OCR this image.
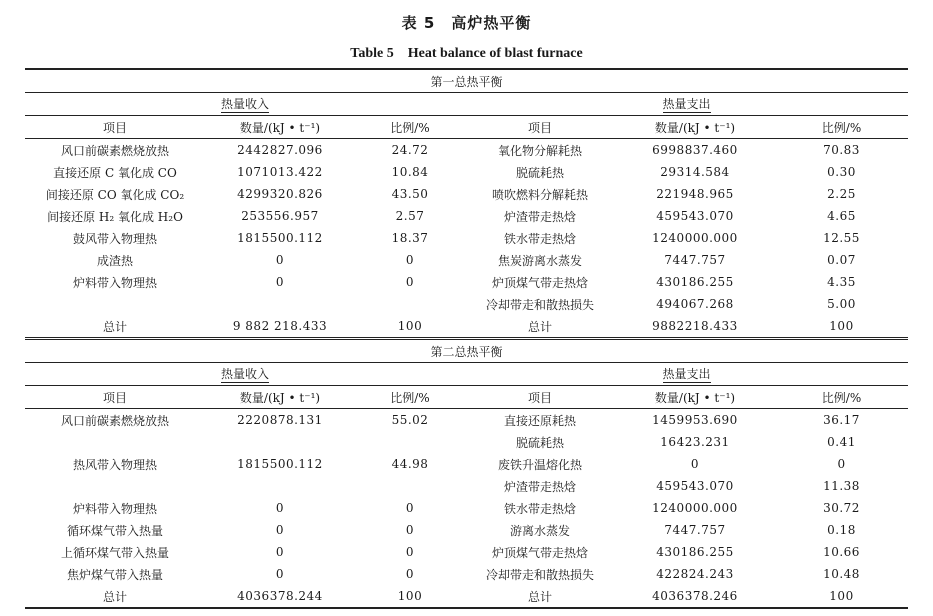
表 5　高炉热平衡
Table 5　Heat balance of blast furnace
第一总热平衡					
热量收入			热量支出		
项目	数量/(kJ • t⁻¹)	比例/%	项目	数量/(kJ • t⁻¹)	比例/%
风口前碳素燃烧放热	2442827.096	24.72	氧化物分解耗热	6998837.460	70.83
直接还原 C 氧化成 CO	1071013.422	10.84	脱硫耗热	29314.584	0.30
间接还原 CO 氧化成 CO₂	4299320.826	43.50	喷吹燃料分解耗热	221948.965	2.25
间接还原 H₂ 氧化成 H₂O	253556.957	2.57	炉渣带走热焓	459543.070	4.65
鼓风带入物理热	1815500.112	18.37	铁水带走热焓	1240000.000	12.55
成渣热	0	0	焦炭游离水蒸发	7447.757	0.07
炉料带入物理热	0	0	炉顶煤气带走热焓	430186.255	4.35
			冷却带走和散热损失	494067.268	5.00
总计	9 882 218.433	100	总计	9882218.433	100
第二总热平衡					
热量收入			热量支出		
项目	数量/(kJ • t⁻¹)	比例/%	项目	数量/(kJ • t⁻¹)	比例/%
风口前碳素燃烧放热	2220878.131	55.02	直接还原耗热	1459953.690	36.17
			脱硫耗热	16423.231	0.41
热风带入物理热	1815500.112	44.98	废铁升温熔化热	0	0
			炉渣带走热焓	459543.070	11.38
炉料带入物理热	0	0	铁水带走热焓	1240000.000	30.72
循环煤气带入热量	0	0	游离水蒸发	7447.757	0.18
上循环煤气带入热量	0	0	炉顶煤气带走热焓	430186.255	10.66
焦炉煤气带入热量	0	0	冷却带走和散热损失	422824.243	10.48
总计	4036378.244	100	总计	4036378.246	100
